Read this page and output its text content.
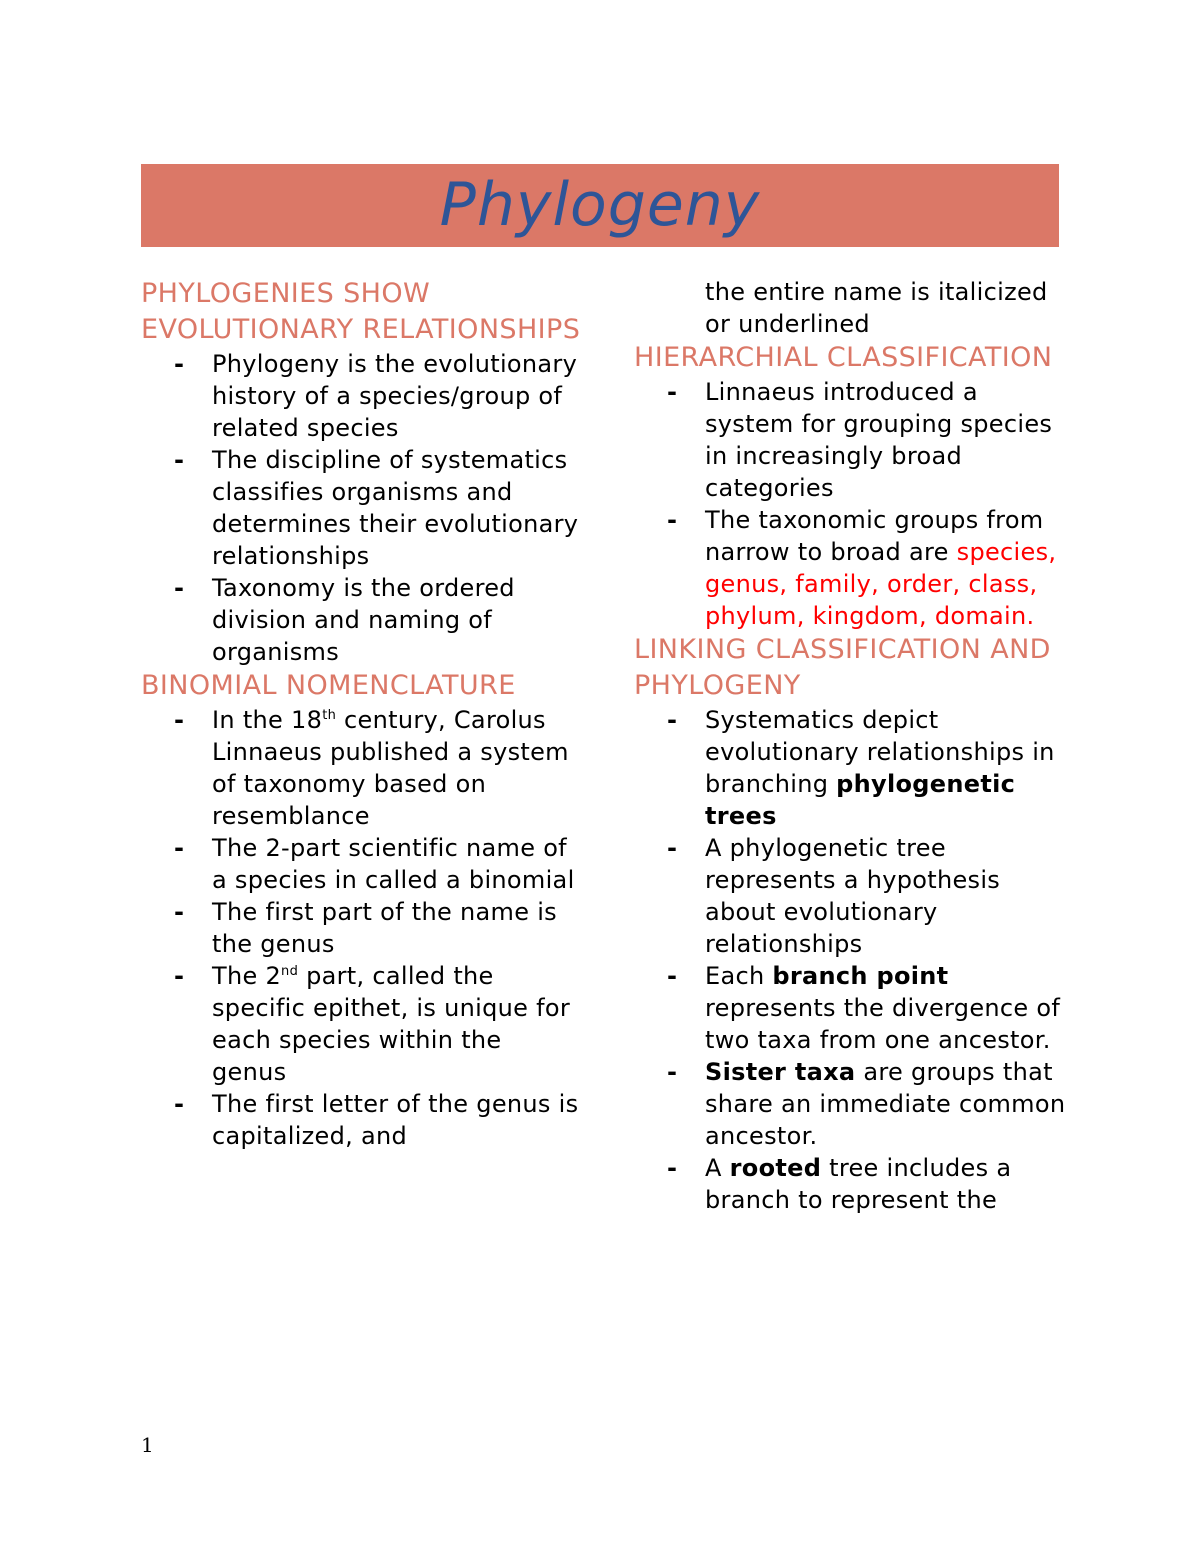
Phylogeny
PHYLOGENIES SHOW EVOLUTIONARY RELATIONSHIPS
- Phylogeny is the evolutionary history of a species/group of related species
- The discipline of systematics classifies organisms and determines their evolutionary relationships
- Taxonomy is the ordered division and naming of organisms
BINOMIAL NOMENCLATURE
- In the 18th century, Carolus Linnaeus published a system of taxonomy based on resemblance
- The 2-part scientific name of a species in called a binomial
- The first part of the name is the genus
- The 2nd part, called the specific epithet, is unique for each species within the genus
- The first letter of the genus is capitalized, and
the entire name is italicized or underlined
HIERARCHIAL CLASSIFICATION
- Linnaeus introduced a system for grouping species in increasingly broad categories
- The taxonomic groups from narrow to broad are species, genus, family, order, class, phylum, kingdom, domain.
LINKING CLASSIFICATION AND PHYLOGENY
- Systematics depict evolutionary relationships in branching phylogenetic trees
- A phylogenetic tree represents a hypothesis about evolutionary relationships
- Each branch point represents the divergence of two taxa from one ancestor.
- Sister taxa are groups that share an immediate common ancestor.
- A rooted tree includes a branch to represent the
1
